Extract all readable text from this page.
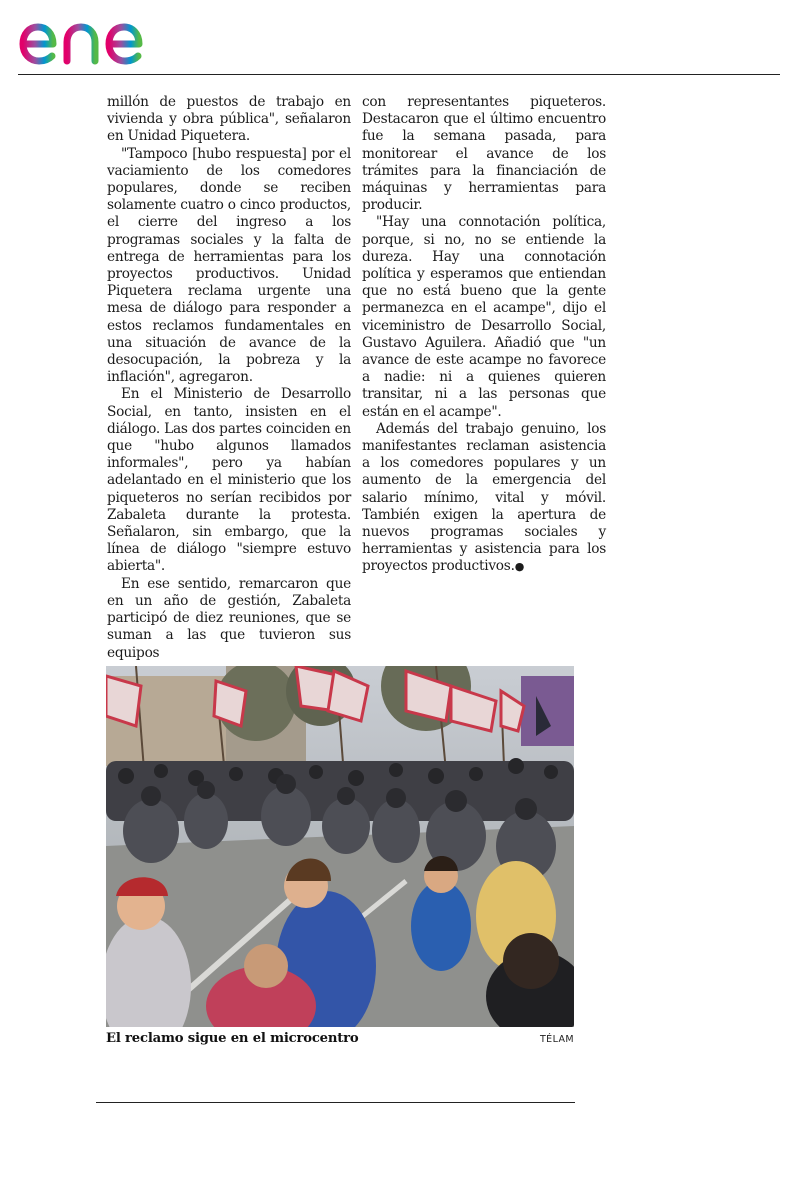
millón de puestos de trabajo en vivienda y obra pública", señalaron en Unidad Piquetera.

"Tampoco [hubo respuesta] por el vaciamiento de los comedores populares, donde se reciben solamente cuatro o cinco productos, el cierre del ingreso a los programas sociales y la falta de entrega de herramientas para los proyectos productivos. Unidad Piquetera reclama urgente una mesa de diálogo para responder a estos reclamos fundamentales en una situación de avance de la desocupación, la pobreza y la inflación", agregaron.

En el Ministerio de Desarrollo Social, en tanto, insisten en el diálogo. Las dos partes coinciden en que "hubo algunos llamados informales", pero ya habían adelantado en el ministerio que los piqueteros no serían recibidos por Zabaleta durante la protesta. Señalaron, sin embargo, que la línea de diálogo "siempre estuvo abierta".

En ese sentido, remarcaron que en un año de gestión, Zabaleta participó de diez reuniones, que se suman a las que tuvieron sus equipos

con representantes piqueteros. Destacaron que el último encuentro fue la semana pasada, para monitorear el avance de los trámites para la financiación de máquinas y herramientas para producir.

"Hay una connotación política, porque, si no, no se entiende la dureza. Hay una connotación política y esperamos que entiendan que no está bueno que la gente permanezca en el acampe", dijo el viceministro de Desarrollo Social, Gustavo Aguilera. Añadió que "un avance de este acampe no favorece a nadie: ni a quienes quieren transitar, ni a las personas que están en el acampe".

Además del trabajo genuino, los manifestantes reclaman asistencia a los comedores populares y un aumento de la emergencia del salario mínimo, vital y móvil. También exigen la apertura de nuevos programas sociales y herramientas y asistencia para los proyectos productivos.●

El reclamo sigue en el microcentro	TÉLAM
